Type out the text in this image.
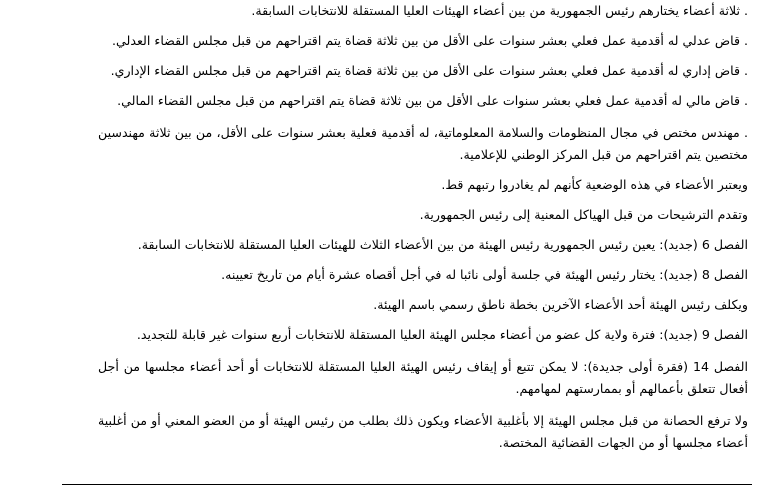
. ثلاثة أعضاء يختارهم رئيس الجمهورية من بين أعضاء الهيئات العليا المستقلة للانتخابات السابقة.
. قاض عدلي له أقدمية عمل فعلي بعشر سنوات على الأقل من بين ثلاثة قضاة يتم اقتراحهم من قبل مجلس القضاء العدلي.
. قاض إداري له أقدمية عمل فعلي بعشر سنوات على الأقل من بين ثلاثة قضاة يتم اقتراحهم من قبل مجلس القضاء الإداري.
. قاض مالي له أقدمية عمل فعلي بعشر سنوات على الأقل من بين ثلاثة قضاة يتم اقتراحهم من قبل مجلس القضاء المالي.
. مهندس مختص في مجال المنظومات والسلامة المعلوماتية، له أقدمية فعلية بعشر سنوات على الأقل، من بين ثلاثة مهندسين مختصين يتم اقتراحهم من قبل المركز الوطني للإعلامية.
ويعتبر الأعضاء في هذه الوضعية كأنهم لم يغادروا رتبهم قط.
وتقدم الترشيحات من قبل الهياكل المعنية إلى رئيس الجمهورية.
الفصل 6 (جديد): يعين رئيس الجمهورية رئيس الهيئة من بين الأعضاء الثلاث للهيئات العليا المستقلة للانتخابات السابقة.
الفصل 8 (جديد): يختار رئيس الهيئة في جلسة أولى نائبا له في أجل أقصاه عشرة أيام من تاريخ تعيينه.
ويكلف رئيس الهيئة أحد الأعضاء الآخرين بخطة ناطق رسمي باسم الهيئة.
الفصل 9 (جديد): فترة ولاية كل عضو من أعضاء مجلس الهيئة العليا المستقلة للانتخابات أربع سنوات غير قابلة للتجديد.
الفصل 14 (فقرة أولى جديدة): لا يمكن تتبع أو إيقاف رئيس الهيئة العليا المستقلة للانتخابات أو أحد أعضاء مجلسها من أجل أفعال تتعلق بأعمالهم أو بممارستهم لمهامهم.
ولا ترفع الحصانة من قبل مجلس الهيئة إلا بأغلبية الأعضاء ويكون ذلك بطلب من رئيس الهيئة أو من العضو المعني أو من أغلبية أعضاء مجلسها أو من الجهات القضائية المختصة.
